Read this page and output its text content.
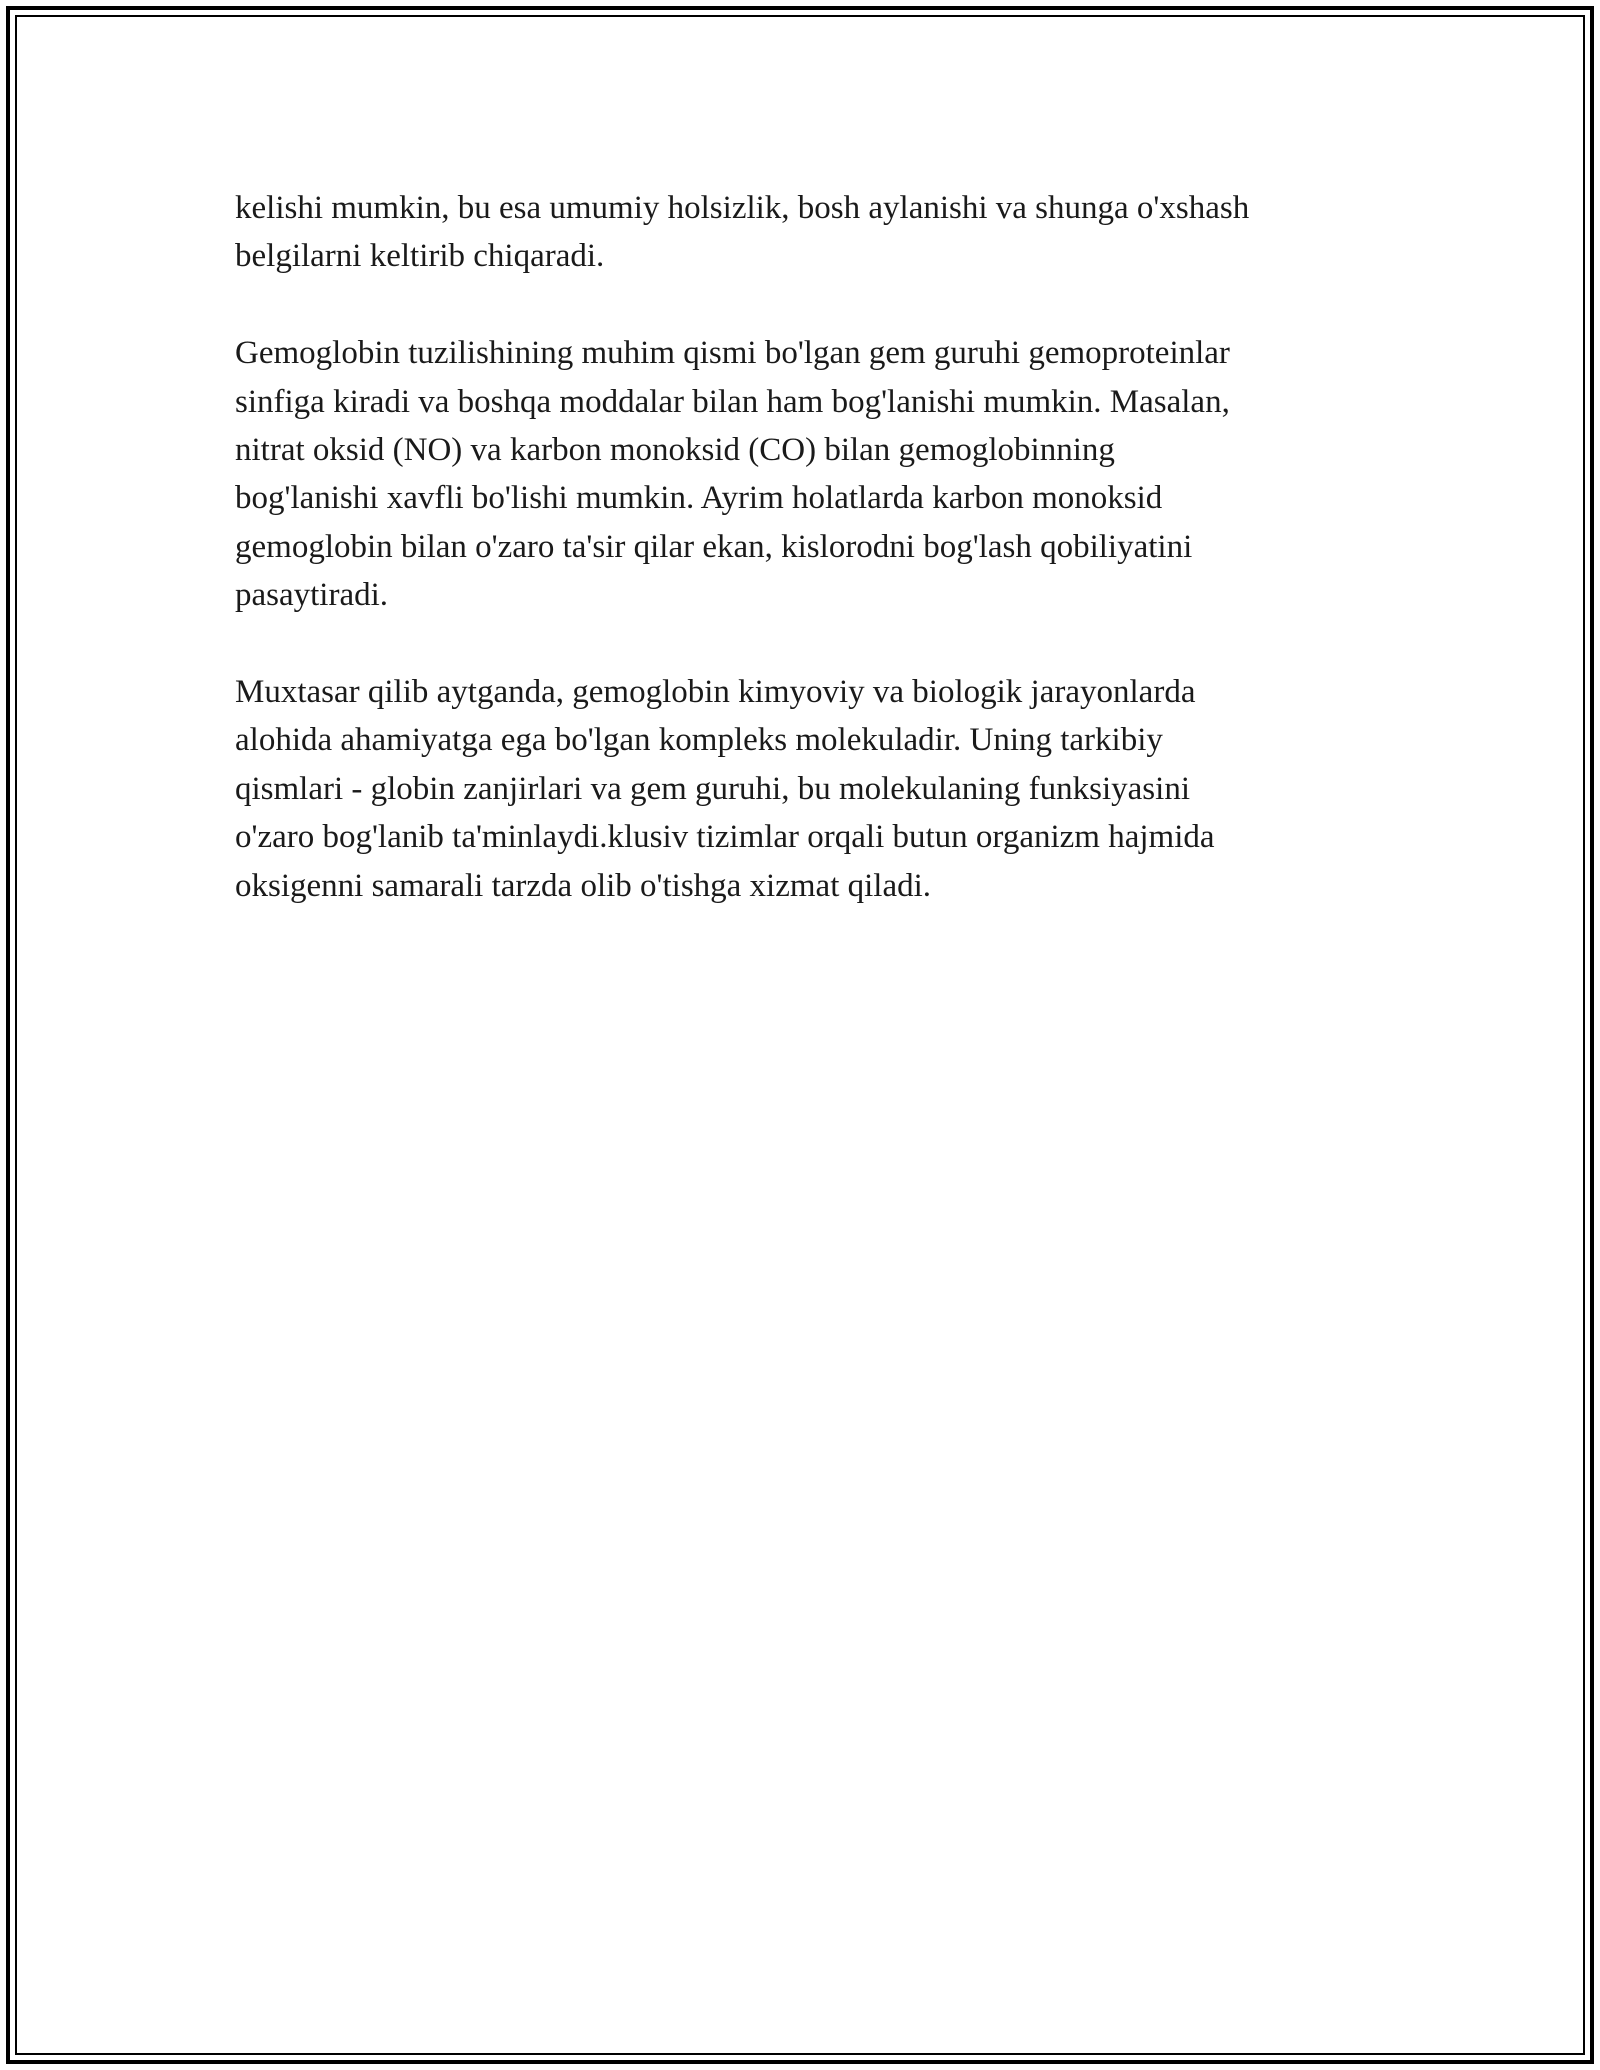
kelishi mumkin, bu esa umumiy holsizlik, bosh aylanishi va shunga o'xshash
belgilarni keltirib chiqaradi.

Gemoglobin tuzilishining muhim qismi bo'lgan gem guruhi gemoproteinlar
sinfiga kiradi va boshqa moddalar bilan ham bog'lanishi mumkin. Masalan,
nitrat oksid (NO) va karbon monoksid (CO) bilan gemoglobinning
bog'lanishi xavfli bo'lishi mumkin. Ayrim holatlarda karbon monoksid
gemoglobin bilan o'zaro ta'sir qilar ekan, kislorodni bog'lash qobiliyatini
pasaytiradi.

Muxtasar qilib aytganda, gemoglobin kimyoviy va biologik jarayonlarda
alohida ahamiyatga ega bo'lgan kompleks molekuladir. Uning tarkibiy
qismlari - globin zanjirlari va gem guruhi, bu molekulaning funksiyasini
o'zaro bog'lanib ta'minlaydi.klusiv tizimlar orqali butun organizm hajmida
oksigenni samarali tarzda olib o'tishga xizmat qiladi.
